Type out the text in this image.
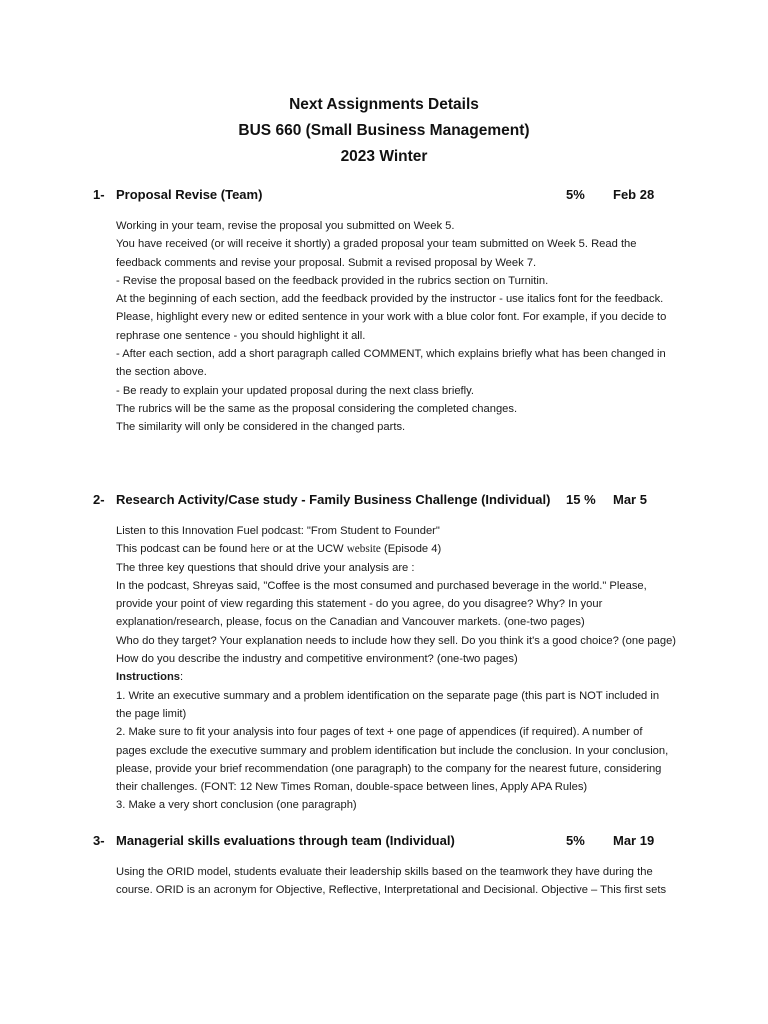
Next Assignments Details
BUS 660 (Small Business Management)
2023 Winter
1- Proposal Revise (Team)	5% Feb 28

Working in your team, revise the proposal you submitted on Week 5.

You have received (or will receive it shortly) a graded proposal your team submitted on Week 5. Read the

feedback comments and revise your proposal. Submit a revised proposal by Week 7.

- Revise the proposal based on the feedback provided in the rubrics section on Turnitin.

At the beginning of each section, add the feedback provided by the instructor - use italics font for the feedback.

Please, highlight every new or edited sentence in your work with a blue color font. For example, if you decide to

rephrase one sentence - you should highlight it all.

- After each section, add a short paragraph called COMMENT, which explains briefly what has been changed in

the section above.

- Be ready to explain your updated proposal during the next class briefly.

The rubrics will be the same as the proposal considering the completed changes.

The similarity will only be considered in the changed parts.

2- Research Activity/Case study - Family Business Challenge (Individual) 15 % Mar 5

Listen to this Innovation Fuel podcast: "From Student to Founder"

This podcast can be found here or at the UCW website (Episode 4)

The three key questions that should drive your analysis are :

In the podcast, Shreyas said, "Coffee is the most consumed and purchased beverage in the world." Please,

provide your point of view regarding this statement - do you agree, do you disagree? Why? In your

explanation/research, please, focus on the Canadian and Vancouver markets. (one-two pages)

Who do they target? Your explanation needs to include how they sell. Do you think it's a good choice? (one page)

How do you describe the industry and competitive environment? (one-two pages)

Instructions:

1. Write an executive summary and a problem identification on the separate page (this part is NOT included in

the page limit)

2. Make sure to fit your analysis into four pages of text + one page of appendices (if required). A number of

pages exclude the executive summary and problem identification but include the conclusion. In your conclusion,

please, provide your brief recommendation (one paragraph) to the company for the nearest future, considering

their challenges. (FONT: 12 New Times Roman, double-space between lines, Apply APA Rules)

3. Make a very short conclusion (one paragraph)

3- Managerial skills evaluations through team (Individual)	5% Mar 19

Using the ORID model, students evaluate their leadership skills based on the teamwork they have during the

course. ORID is an acronym for Objective, Reflective, Interpretational and Decisional. Objective – This first sets
